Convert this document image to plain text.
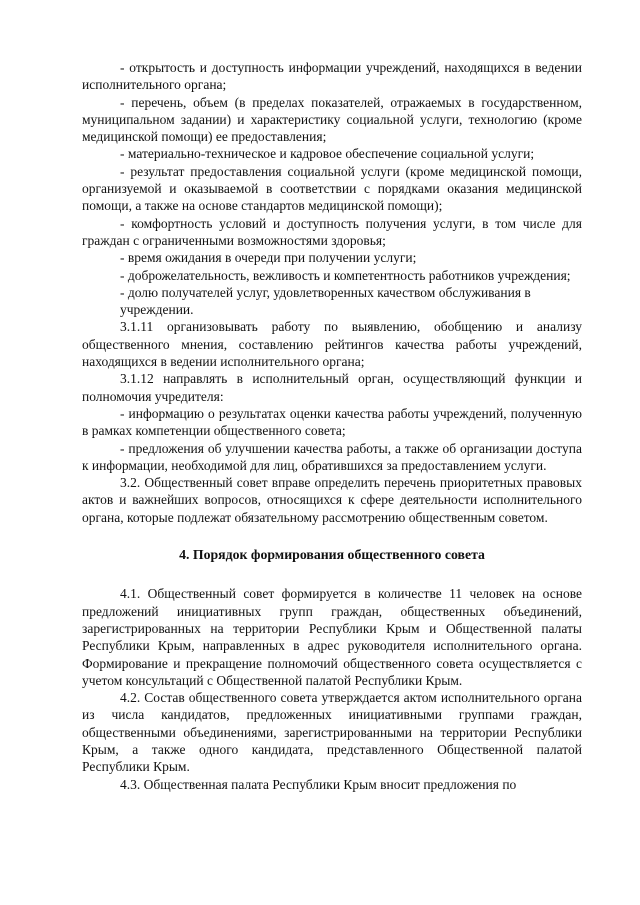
- открытость и доступность информации учреждений, находящихся в ведении исполнительного органа;

- перечень, объем (в пределах показателей, отражаемых в государственном, муниципальном задании) и характеристику социальной услуги, технологию (кроме медицинской помощи) ее предоставления;

- материально-техническое и кадровое обеспечение социальной услуги;

- результат предоставления социальной услуги (кроме медицинской помощи, организуемой и оказываемой в соответствии с порядками оказания медицинской помощи, а также на основе стандартов медицинской помощи);

- комфортность условий и доступность получения услуги, в том числе для граждан с ограниченными возможностями здоровья;

- время ожидания в очереди при получении услуги;

- доброжелательность, вежливость и компетентность работников учреждения;

- долю получателей услуг, удовлетворенных качеством обслуживания в

учреждении.

3.1.11 организовывать работу по выявлению, обобщению и анализу общественного мнения, составлению рейтингов качества работы учреждений, находящихся в ведении исполнительного органа;

3.1.12 направлять в исполнительный орган, осуществляющий функции и полномочия учредителя:

- информацию о результатах оценки качества работы учреждений, полученную в рамках компетенции общественного совета;

- предложения об улучшении качества работы, а также об организации доступа к информации, необходимой для лиц, обратившихся за предоставлением услуги.

3.2. Общественный совет вправе определить перечень приоритетных правовых актов и важнейших вопросов, относящихся к сфере деятельности исполнительного органа, которые подлежат обязательному рассмотрению общественным советом.

4. Порядок формирования общественного совета

4.1. Общественный совет формируется в количестве 11 человек на основе предложений инициативных групп граждан, общественных объединений, зарегистрированных на территории Республики Крым и Общественной палаты Республики Крым, направленных в адрес руководителя исполнительного органа. Формирование и прекращение полномочий общественного совета осуществляется с учетом консультаций с Общественной палатой Республики Крым.

4.2. Состав общественного совета утверждается актом исполнительного органа из числа кандидатов, предложенных инициативными группами граждан, общественными объединениями, зарегистрированными на территории Республики Крым, а также одного кандидата, представленного Общественной палатой Республики Крым.

4.3. Общественная палата Республики Крым вносит предложения по
